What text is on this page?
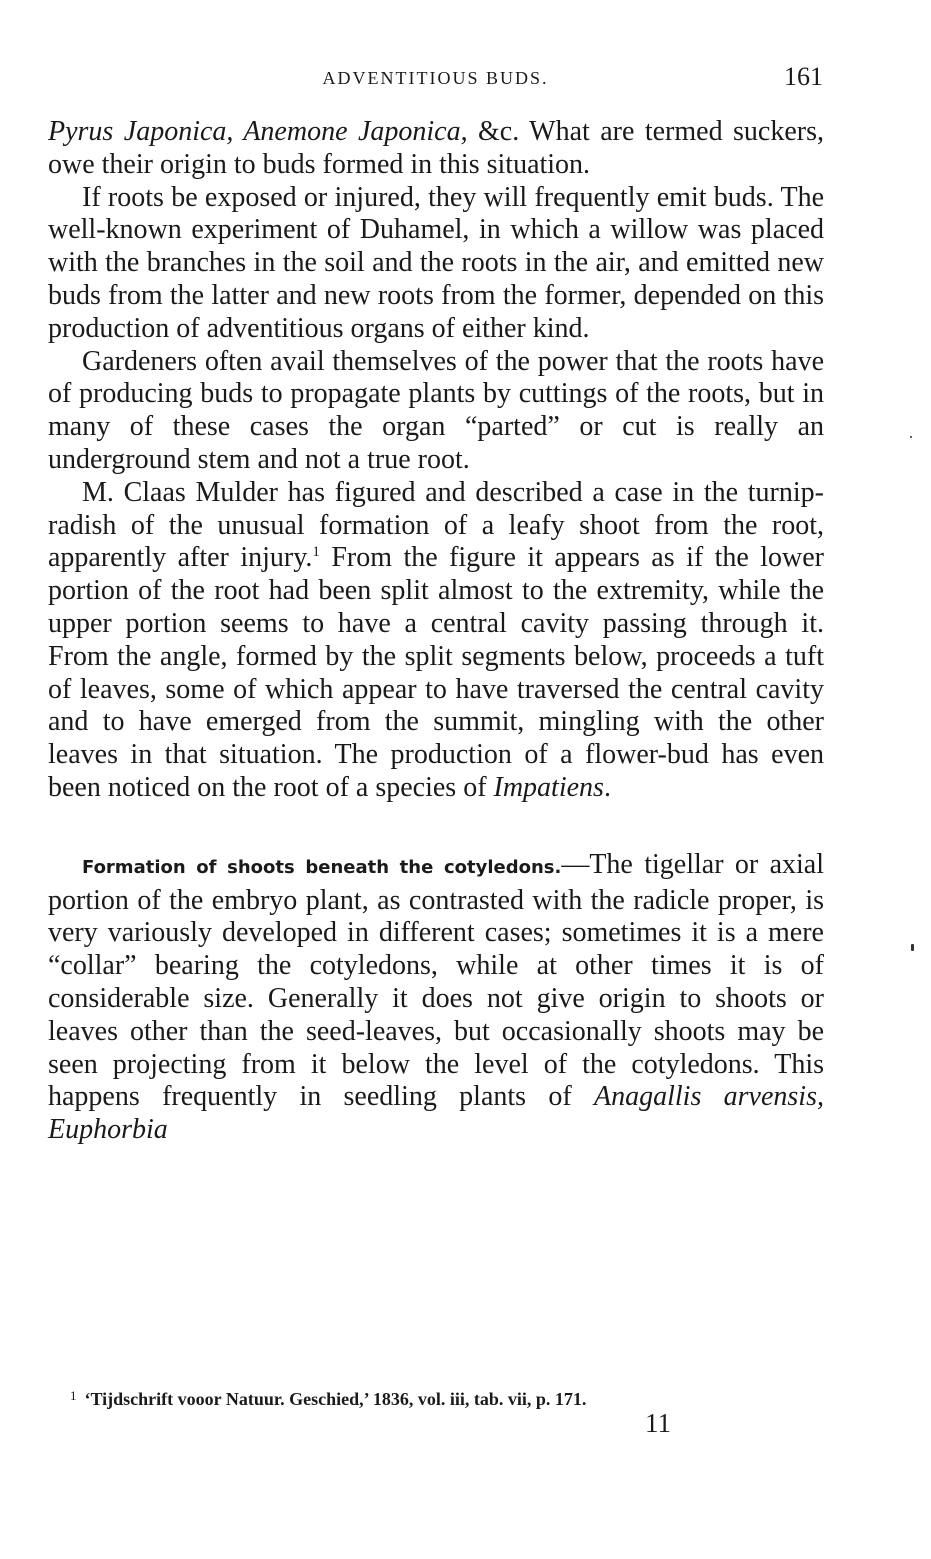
ADVENTITIOUS BUDS.	161

Pyrus Japonica, Anemone Japonica, &c. What are termed suckers, owe their origin to buds formed in this situation.

If roots be exposed or injured, they will frequently emit buds. The well-known experiment of Duhamel, in which a willow was placed with the branches in the soil and the roots in the air, and emitted new buds from the latter and new roots from the former, depended on this production of adventitious organs of either kind.

Gardeners often avail themselves of the power that the roots have of producing buds to propagate plants by cuttings of the roots, but in many of these cases the organ “parted” or cut is really an underground stem and not a true root.

M. Claas Mulder has figured and described a case in the turnip-radish of the unusual formation of a leafy shoot from the root, apparently after injury.$^1$ From the figure it appears as if the lower portion of the root had been split almost to the extremity, while the upper portion seems to have a central cavity passing through it. From the angle, formed by the split segments below, proceeds a tuft of leaves, some of which appear to have traversed the central cavity and to have emerged from the summit, mingling with the other leaves in that situation. The production of a flower-bud has even been noticed on the root of a species of Impatiens.

Formation of shoots beneath the cotyledons.—The tigellar or axial portion of the embryo plant, as contrasted with the radicle proper, is very variously developed in different cases; sometimes it is a mere “collar” bearing the cotyledons, while at other times it is of considerable size. Generally it does not give origin to shoots or leaves other than the seed-leaves, but occasionally shoots may be seen projecting from it below the level of the cotyledons. This happens frequently in seedling plants of Anagallis arvensis, Euphorbia

$^1$ ‘Tijdschrift vooor Natuur. Geschied,’ 1836, vol. iii, tab. vii, p. 171.
11
